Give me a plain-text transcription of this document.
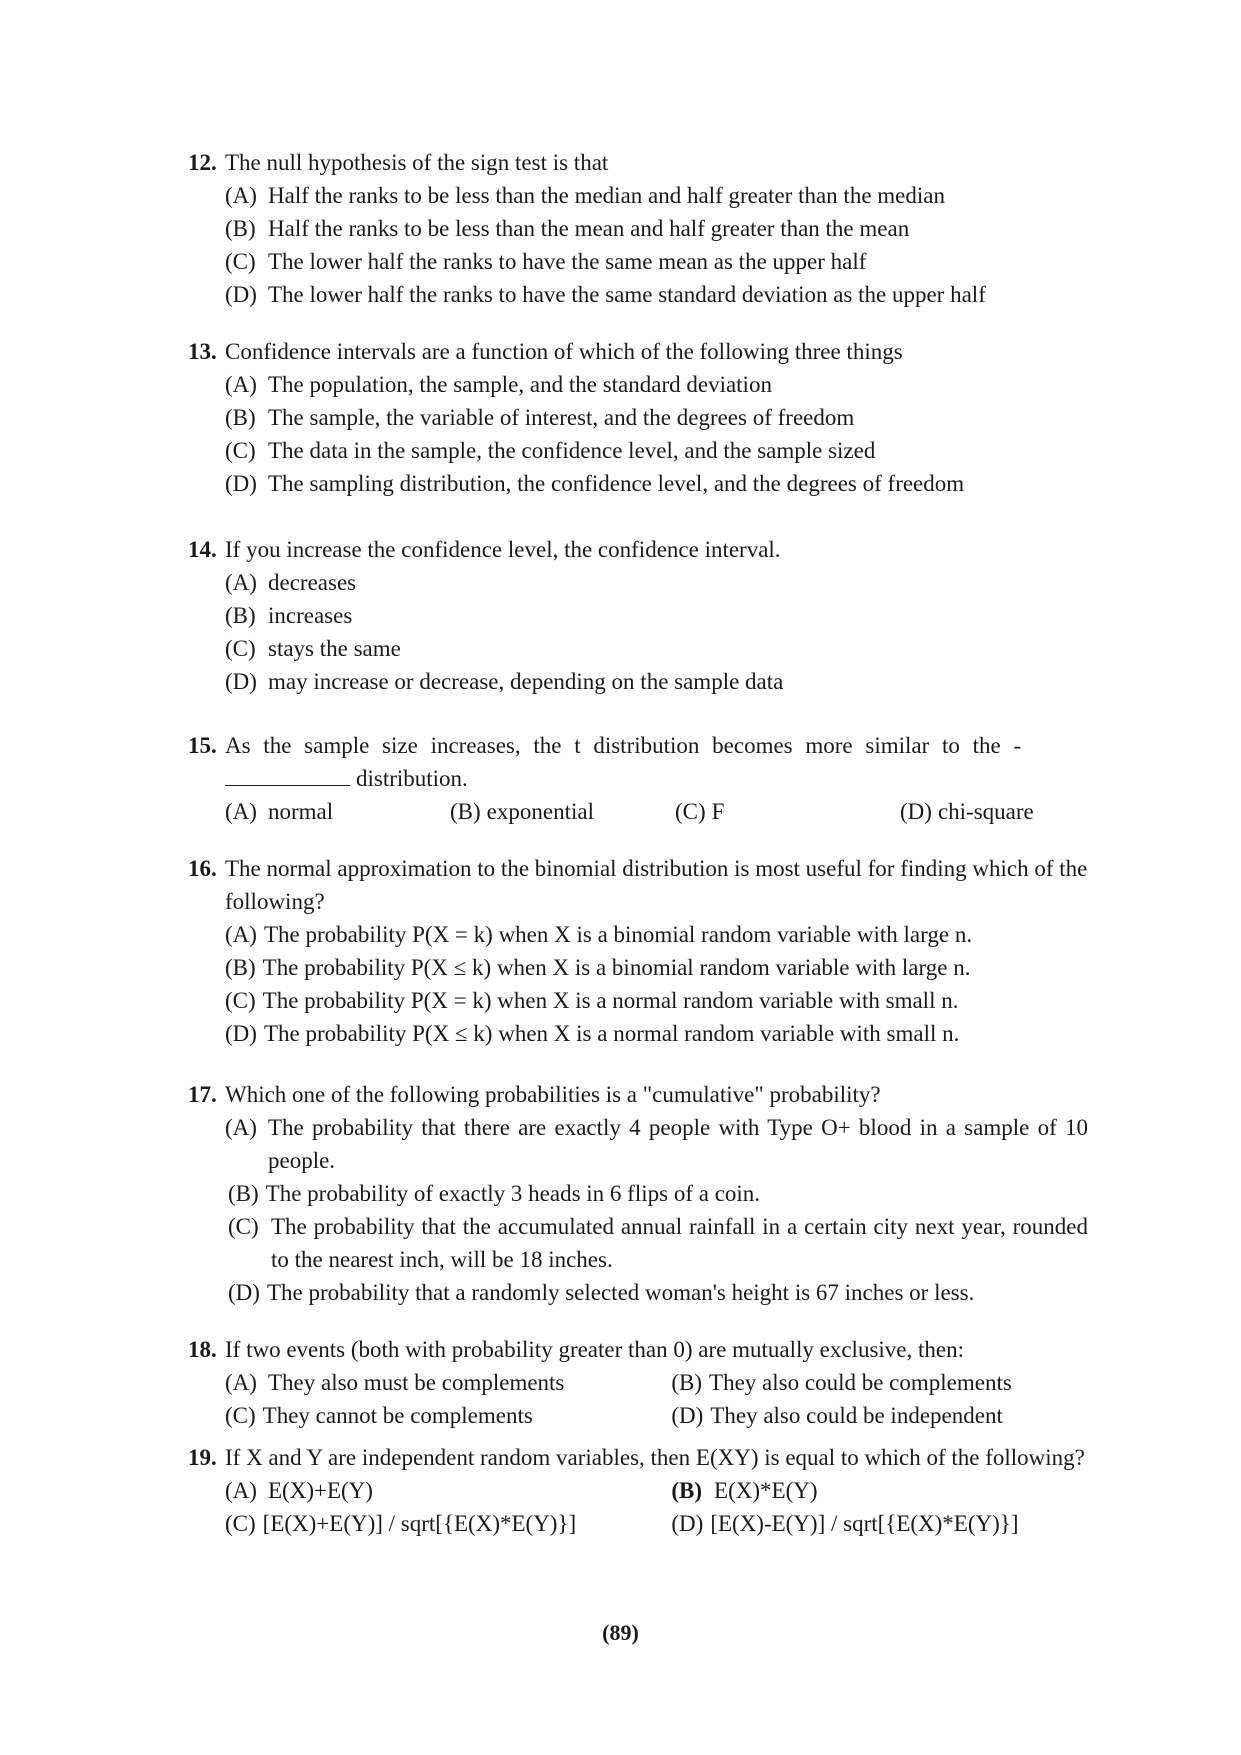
12. The null hypothesis of the sign test is that
(A) Half the ranks to be less than the median and half greater than the median
(B) Half the ranks to be less than the mean and half greater than the mean
(C) The lower half the ranks to have the same mean as the upper half
(D) The lower half the ranks to have the same standard deviation as the upper half
13. Confidence intervals are a function of which of the following three things
(A) The population, the sample, and the standard deviation
(B) The sample, the variable of interest, and the degrees of freedom
(C) The data in the sample, the confidence level, and the sample sized
(D) The sampling distribution, the confidence level, and the degrees of freedom
14. If you increase the confidence level, the confidence interval.
(A) decreases
(B) increases
(C) stays the same
(D) may increase or decrease, depending on the sample data
15. As the sample size increases, the t distribution becomes more similar to the -
distribution.
(A) normal	(B) exponential	(C) F	(D) chi-square
16. The normal approximation to the binomial distribution is most useful for finding which of the following?
(A) The probability P(X = k) when X is a binomial random variable with large n.
(B) The probability P(X ≤ k) when X is a binomial random variable with large n.
(C) The probability P(X = k) when X is a normal random variable with small n.
(D) The probability P(X ≤ k) when X is a normal random variable with small n.
17. Which one of the following probabilities is a "cumulative" probability?
(A) The probability that there are exactly 4 people with Type O+ blood in a sample of 10 people.
(B) The probability of exactly 3 heads in 6 flips of a coin.
(C) The probability that the accumulated annual rainfall in a certain city next year, rounded to the nearest inch, will be 18 inches.
(D) The probability that a randomly selected woman's height is 67 inches or less.
18. If two events (both with probability greater than 0) are mutually exclusive, then:
(A) They also must be complements	(B) They also could be complements
(C) They cannot be complements	(D) They also could be independent
19. If X and Y are independent random variables, then E(XY) is equal to which of the following?
(A) E(X)+E(Y)	(B) E(X)*E(Y)
(C) [E(X)+E(Y)] / sqrt[{E(X)*E(Y)}]	(D) [E(X)-E(Y)] / sqrt[{E(X)*E(Y)}]
(89)
